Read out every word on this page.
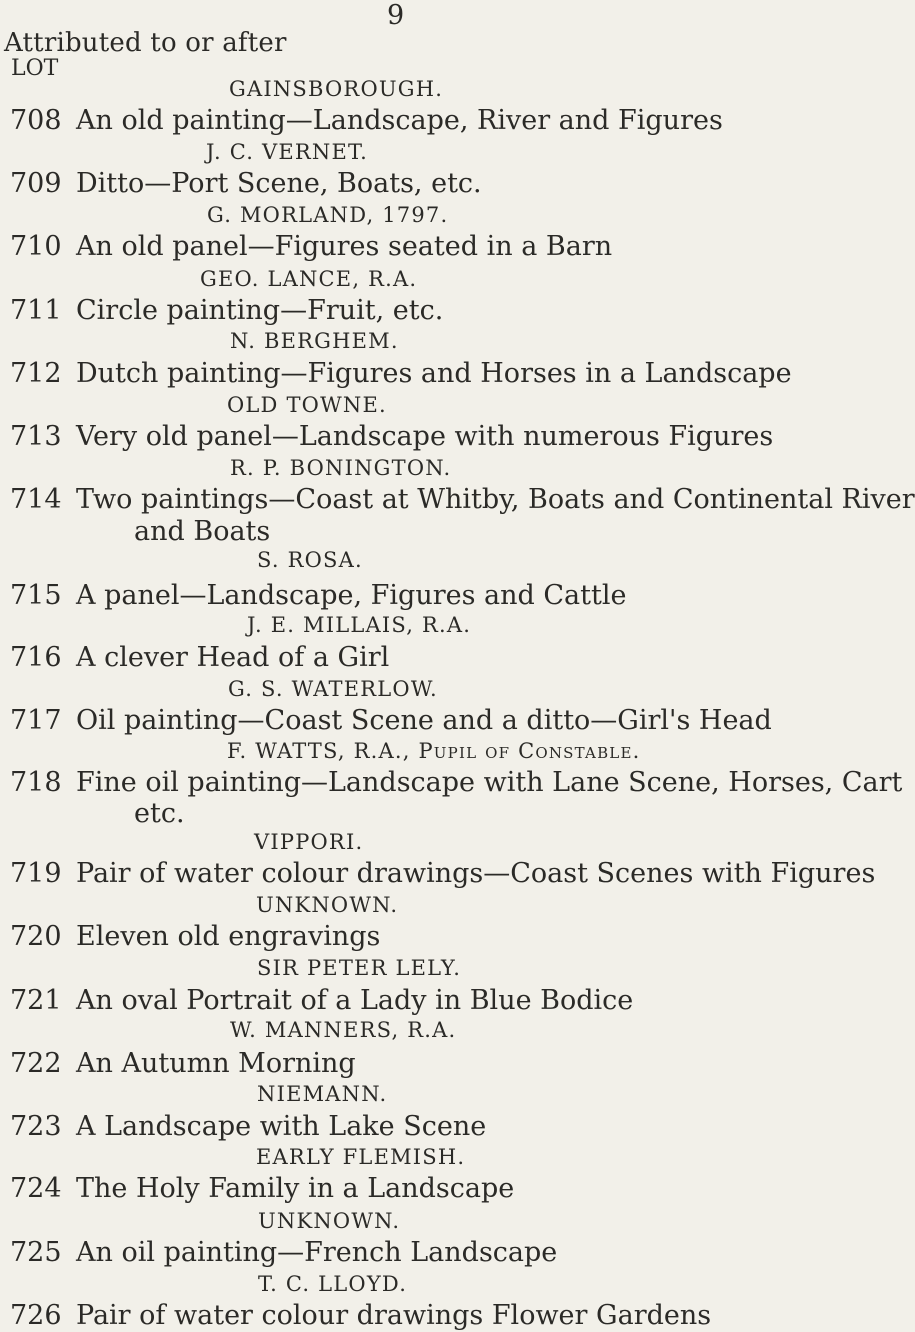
9
Attributed to or after
LOT
GAINSBOROUGH.
708 An old painting—Landscape, River and Figures
J. C. VERNET.
709 Ditto—Port Scene, Boats, etc.
G. MORLAND, 1797.
710 An old panel—Figures seated in a Barn
GEO. LANCE, R.A.
711 Circle painting—Fruit, etc.
N. BERGHEM.
712 Dutch painting—Figures and Horses in a Landscape
OLD TOWNE.
713 Very old panel—Landscape with numerous Figures
R. P. BONINGTON.
714 Two paintings—Coast at Whitby, Boats and Continental River
and Boats
S. ROSA.
715 A panel—Landscape, Figures and Cattle
J. E. MILLAIS, R.A.
716 A clever Head of a Girl
G. S. WATERLOW.
717 Oil painting—Coast Scene and a ditto—Girl's Head
F. WATTS, R.A., Pupil of Constable.
718 Fine oil painting—Landscape with Lane Scene, Horses, Cart
etc.
VIPPORI.
719 Pair of water colour drawings—Coast Scenes with Figures
UNKNOWN.
720 Eleven old engravings
SIR PETER LELY.
721 An oval Portrait of a Lady in Blue Bodice
W. MANNERS, R.A.
722 An Autumn Morning
NIEMANN.
723 A Landscape with Lake Scene
EARLY FLEMISH.
724 The Holy Family in a Landscape
UNKNOWN.
725 An oil painting—French Landscape
T. C. LLOYD.
726 Pair of water colour drawings Flower Gardens
